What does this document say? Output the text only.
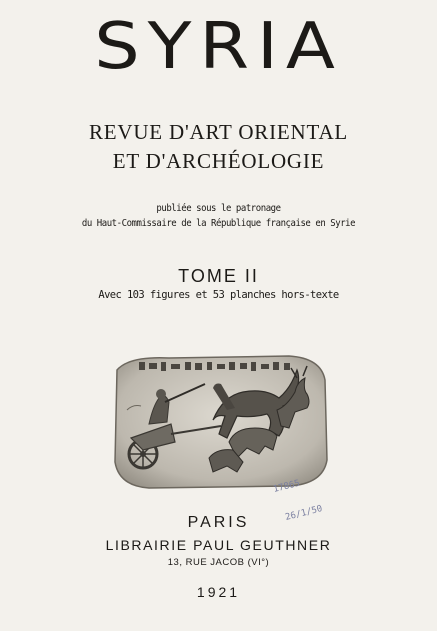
SYRIA
REVUE D'ART ORIENTAL
ET D'ARCHÉOLOGIE
publiée sous le patronage
du Haut-Commissaire de la République française en Syrie
TOME II
Avec 103 figures et 53 planches hors-texte
17865
26/1/50
PARIS
LIBRAIRIE PAUL GEUTHNER
13, RUE JACOB (VI°)
1921
